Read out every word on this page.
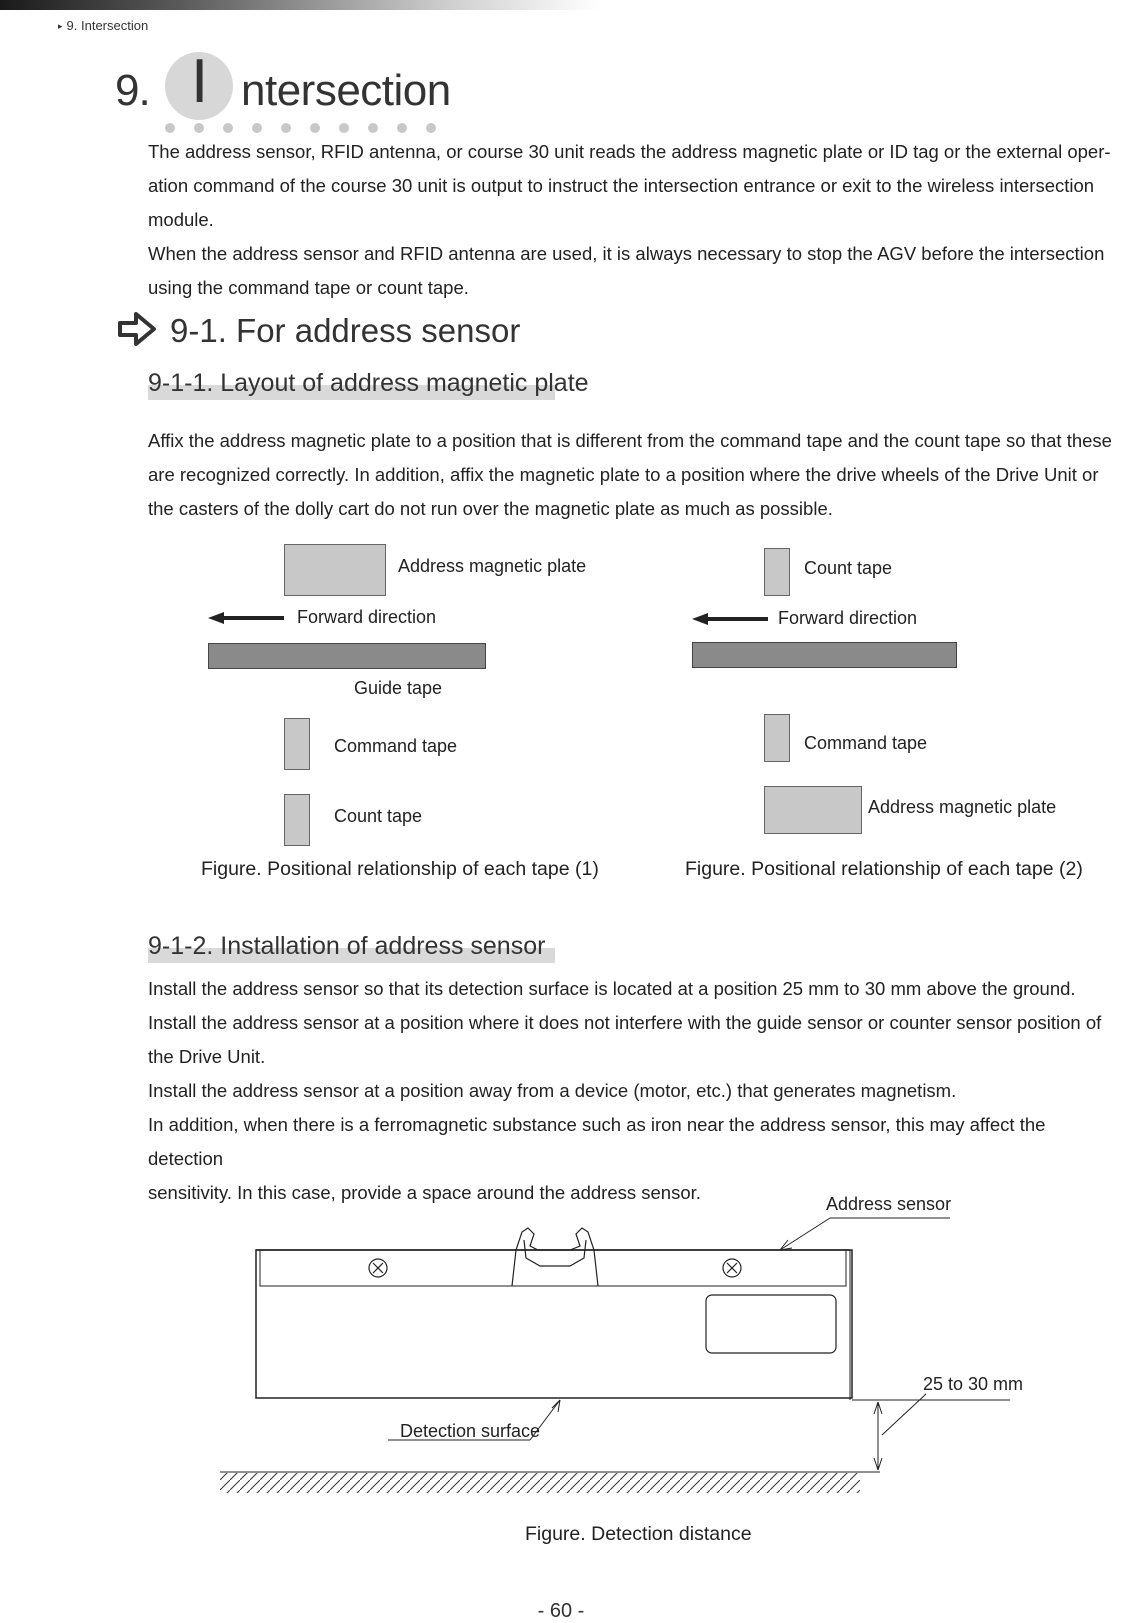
▸ 9. Intersection
9. I ntersection

The address sensor, RFID antenna, or course 30 unit reads the address magnetic plate or ID tag or the external oper-

ation command of the course 30 unit is output to instruct the intersection entrance or exit to the wireless intersection

module.

When the address sensor and RFID antenna are used, it is always necessary to stop the AGV before the intersection

using the command tape or count tape.

9-1. For address sensor
9-1-1. Layout of address magnetic plate

Affix the address magnetic plate to a position that is different from the command tape and the count tape so that these

are recognized correctly. In addition, affix the magnetic plate to a position where the drive wheels of the Drive Unit or

the casters of the dolly cart do not run over the magnetic plate as much as possible.

Address magnetic plate
Forward direction
Guide tape
Command tape
Count tape
Figure. Positional relationship of each tape (1)
Count tape
Forward direction
Command tape
Address magnetic plate
Figure. Positional relationship of each tape (2)
9-1-2. Installation of address sensor

Install the address sensor so that its detection surface is located at a position 25 mm to 30 mm above the ground.

Install the address sensor at a position where it does not interfere with the guide sensor or counter sensor position of

the Drive Unit.

Install the address sensor at a position away from a device (motor, etc.) that generates magnetism.

In addition, when there is a ferromagnetic substance such as iron near the address sensor, this may affect the detection

sensitivity. In this case, provide a space around the address sensor.

Address sensor
25 to 30 mm
Detection surface
Figure. Detection distance
- 60 -
